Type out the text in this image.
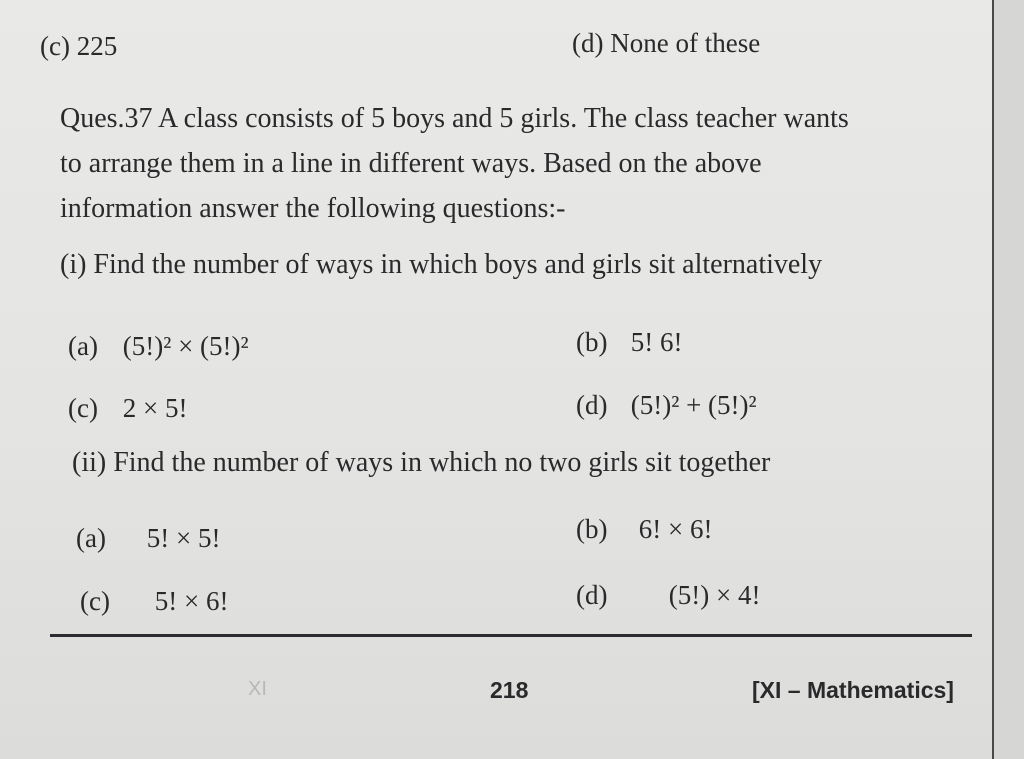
(c) 225	(d) None of these
Ques.37 A class consists of 5 boys and 5 girls. The class teacher wants
to arrange them in a line in different ways. Based on the above
information answer the following questions:-
(i) Find the number of ways in which boys and girls sit alternatively
(a) (5!)² × (5!)²	(b) 5! 6!
(c) 2 × 5!	(d) (5!)² + (5!)²
(ii) Find the number of ways in which no two girls sit together
(a) 5! × 5!	(b) 6! × 6!
(c) 5! × 6!	(d) (5!) × 4!
XI	218	[XI – Mathematics]
